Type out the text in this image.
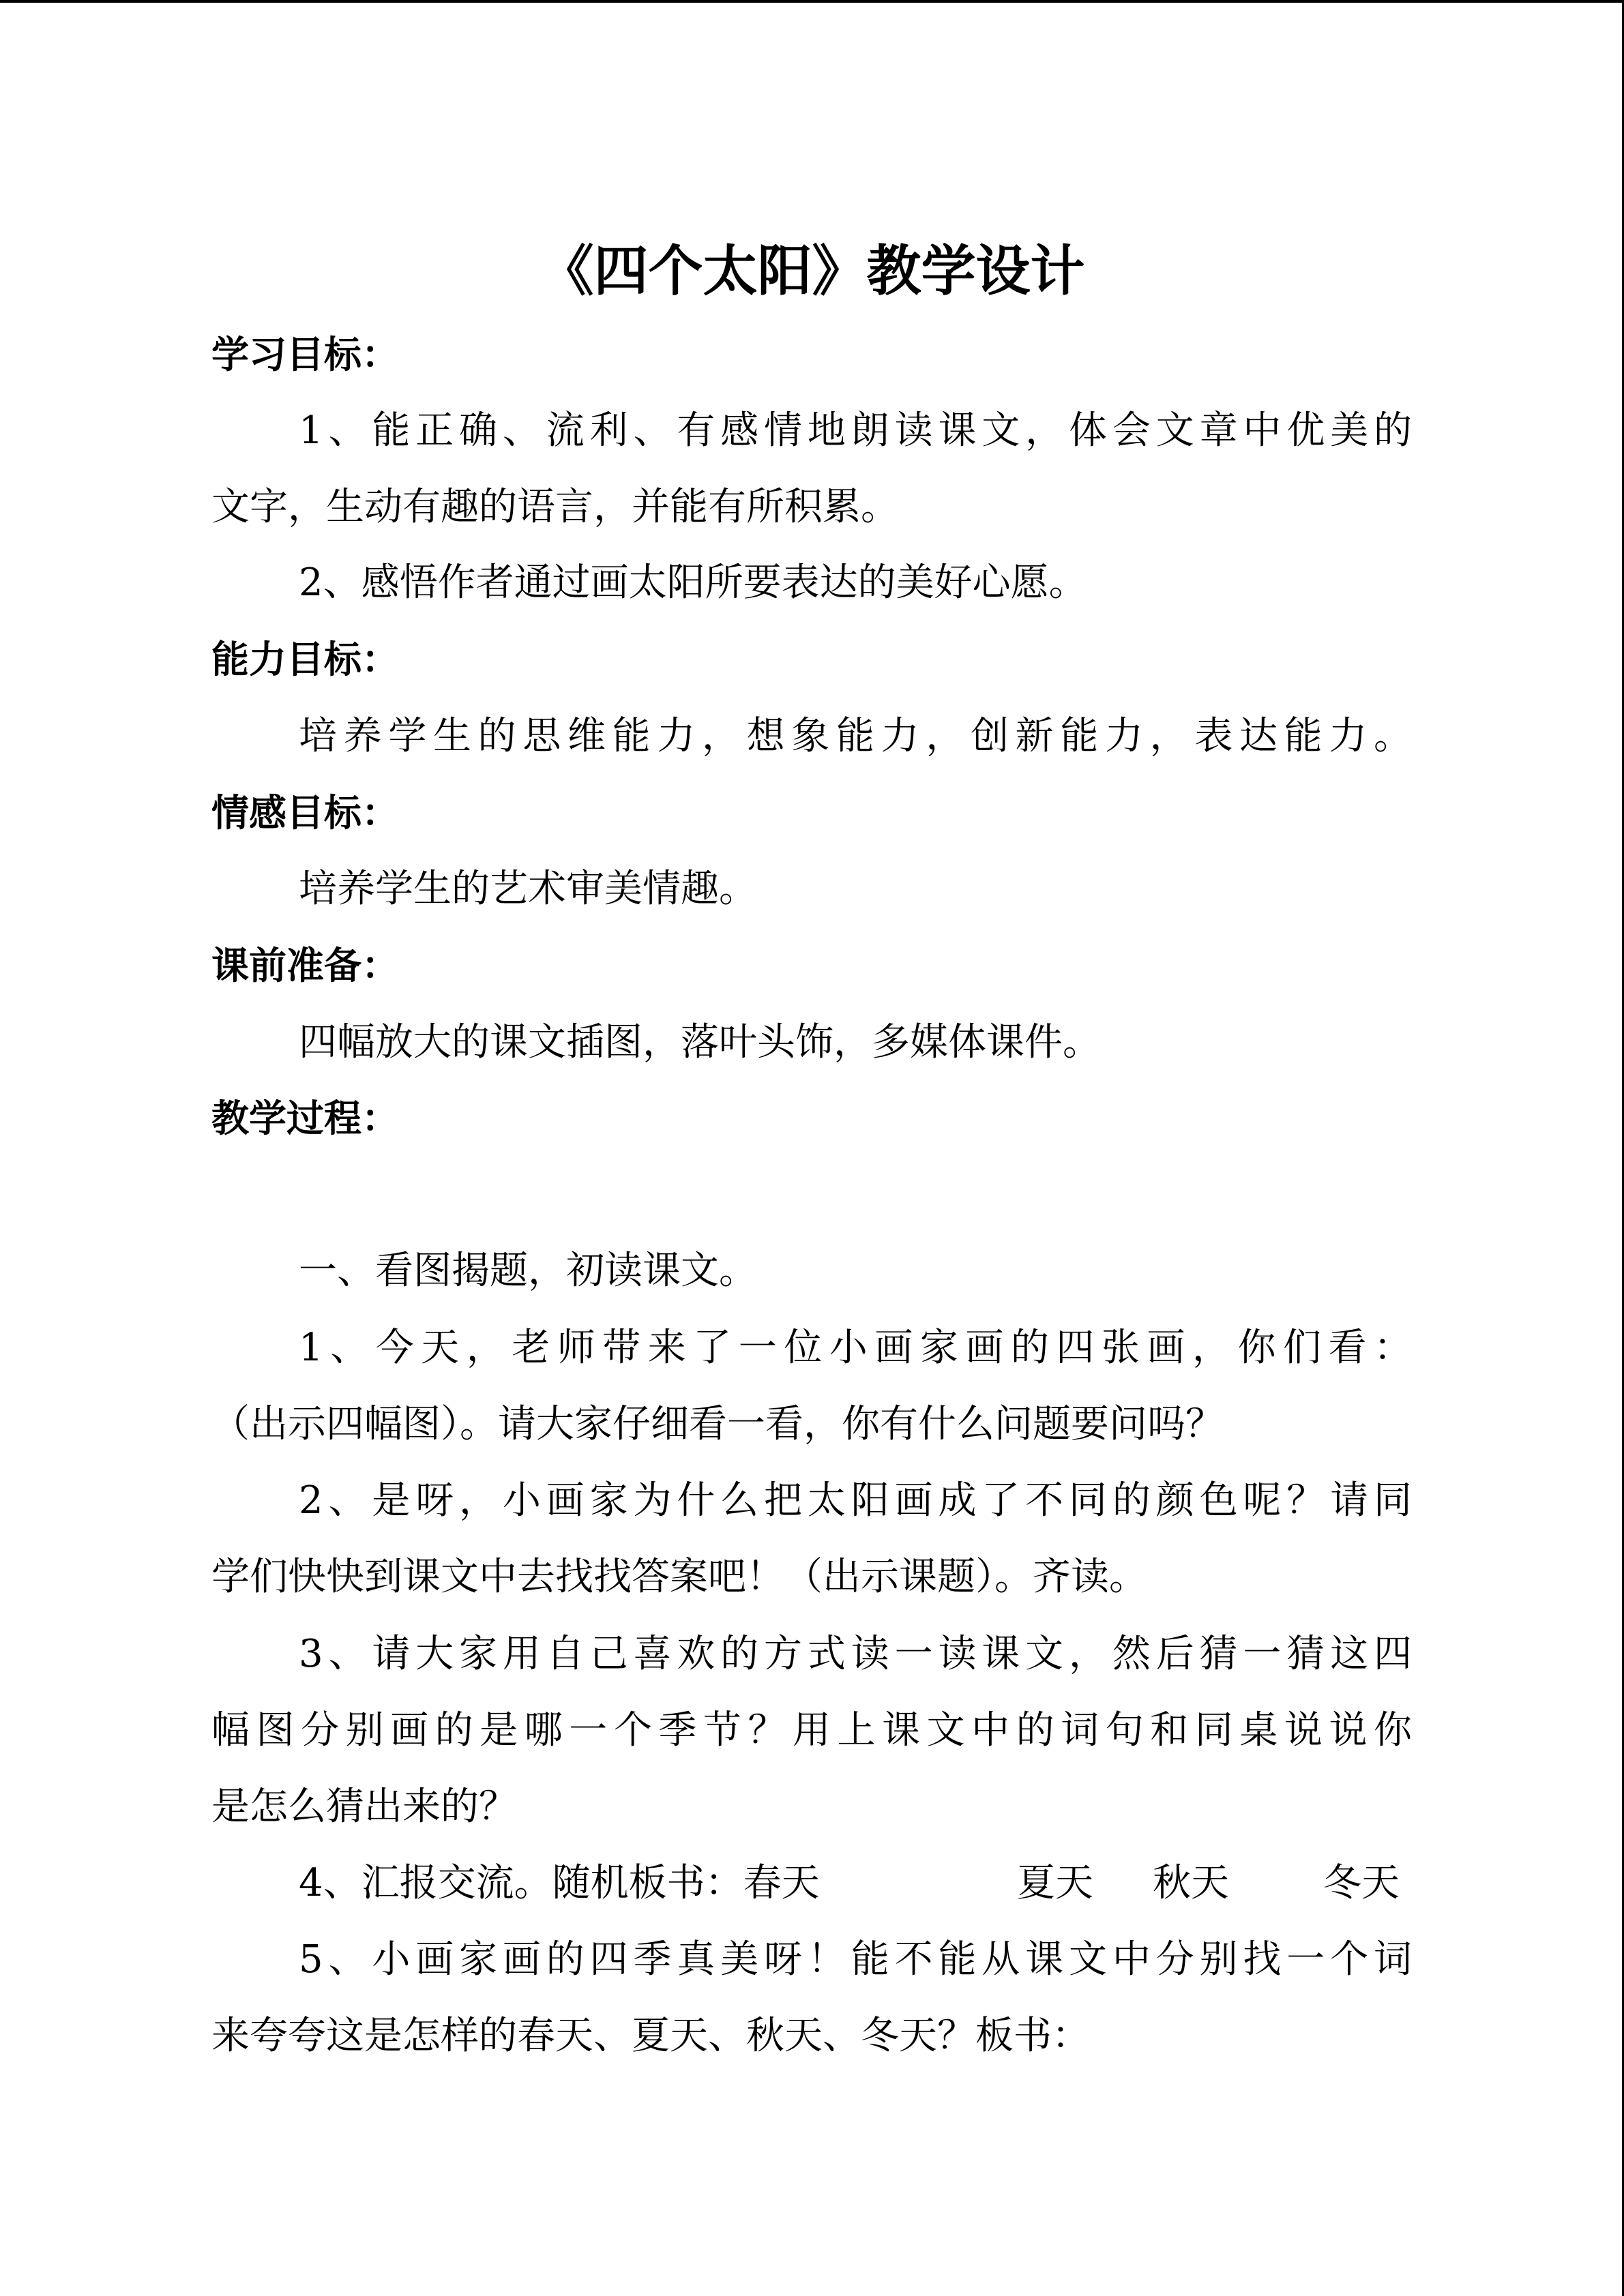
《四个太阳》教学设计
学习目标：
1、能正确、流利、有感情地朗读课文，体会文章中优美的
文字，生动有趣的语言，并能有所积累。
2、感悟作者通过画太阳所要表达的美好心愿。
能力目标：
培养学生的思维能力，想象能力，创新能力，表达能力。
情感目标：
培养学生的艺术审美情趣。
课前准备：
四幅放大的课文插图，落叶头饰，多媒体课件。
教学过程：
一、看图揭题，初读课文。
1、今天，老师带来了一位小画家画的四张画，你们看：
（出示四幅图）。请大家仔细看一看，你有什么问题要问吗？
2、是呀，小画家为什么把太阳画成了不同的颜色呢？请同
学们快快到课文中去找找答案吧！（出示课题）。齐读。
3、请大家用自己喜欢的方式读一读课文，然后猜一猜这四
幅图分别画的是哪一个季节？用上课文中的词句和同桌说说你
是怎么猜出来的？
4、汇报交流。随机板书：春天	夏天 秋天 冬天
5、小画家画的四季真美呀！能不能从课文中分别找一个词
来夸夸这是怎样的春天、夏天、秋天、冬天？板书：
